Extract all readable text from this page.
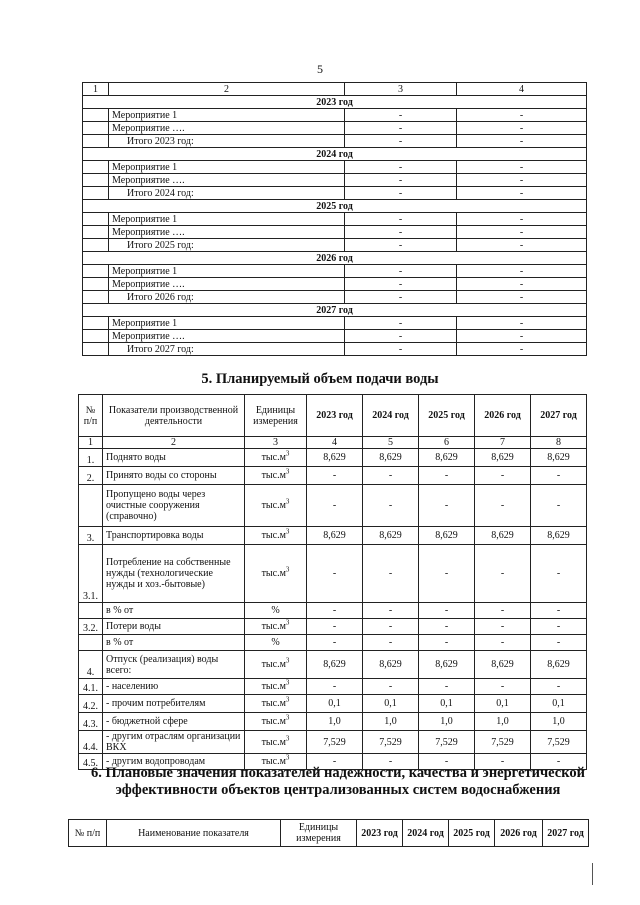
5
1	2	3	4
2023 год			
	Мероприятие 1	-	-
	Мероприятие ….	-	-
	Итого 2023 год:	-	-
2024 год			
	Мероприятие 1	-	-
	Мероприятие ….	-	-
	Итого 2024 год:	-	-
2025 год			
	Мероприятие 1	-	-
	Мероприятие ….	-	-
	Итого 2025 год:	-	-
2026 год			
	Мероприятие 1	-	-
	Мероприятие ….	-	-
	Итого 2026 год:	-	-
2027 год			
	Мероприятие 1	-	-
	Мероприятие ….	-	-
	Итого 2027 год:	-	-
5. Планируемый объем подачи воды
№ п/п	Показатели производственной деятельности	Единицы измерения	2023 год	2024 год	2025 год	2026 год	2027 год
1	2	3	4	5	6	7	8
1.	Поднято воды	$тыс.м^3$	8,629	8,629	8,629	8,629	8,629
2.	Принято воды со стороны	$тыс.м^3$	-	-	-	-	-
	Пропущено воды через очистные сооружения (справочно)	$тыс.м^3$	-	-	-	-	-
3.	Транспортировка воды	$тыс.м^3$	8,629	8,629	8,629	8,629	8,629
3.1.	Потребление на собственные нужды (технологические нужды и хоз.-бытовые)	$тыс.м^3$	-	-	-	-	-
	в % от	%	-	-	-	-	-
3.2.	Потери воды	$тыс.м^3$	-	-	-	-	-
	в % от	%	-	-	-	-	-
4.	Отпуск (реализация) воды всего:	$тыс.м^3$	8,629	8,629	8,629	8,629	8,629
4.1.	- населению	$тыс.м^3$	-	-	-	-	-
4.2.	- прочим потребителям	$тыс.м^3$	0,1	0,1	0,1	0,1	0,1
4.3.	- бюджетной сфере	$тыс.м^3$	1,0	1,0	1,0	1,0	1,0
4.4.	- другим отраслям организации ВКХ	$тыс.м^3$	7,529	7,529	7,529	7,529	7,529
4.5.	- другим водопроводам	$тыс.м^3$	-	-	-	-	-
6. Плановые значения показателей надежности, качества и энергетической эффективности объектов централизованных систем водоснабжения
№ п/п	Наименование показателя	Единицы измерения	2023 год	2024 год	2025 год	2026 год	2027 год
